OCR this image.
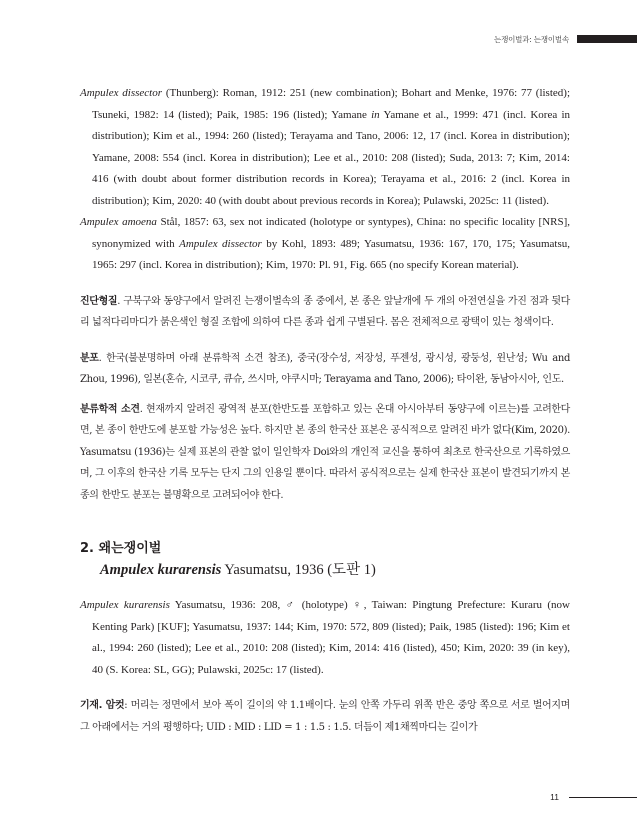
는쟁이벌과: 는쟁이벌속

Ampulex dissector (Thunberg): Roman, 1912: 251 (new combination); Bohart and Menke, 1976: 77 (listed); Tsuneki, 1982: 14 (listed); Paik, 1985: 196 (listed); Yamane in Yamane et al., 1999: 471 (incl. Korea in distribution); Kim et al., 1994: 260 (listed); Terayama and Tano, 2006: 12, 17 (incl. Korea in distribution); Yamane, 2008: 554 (incl. Korea in distribution); Lee et al., 2010: 208 (listed); Suda, 2013: 7; Kim, 2014: 416 (with doubt about former distribution records in Korea); Terayama et al., 2016: 2 (incl. Korea in distribution); Kim, 2020: 40 (with doubt about previous records in Korea); Pulawski, 2025c: 11 (listed).

Ampulex amoena Stål, 1857: 63, sex not indicated (holotype or syntypes), China: no specific locality [NRS], synonymized with Ampulex dissector by Kohl, 1893: 489; Yasumatsu, 1936: 167, 170, 175; Yasumatsu, 1965: 297 (incl. Korea in distribution); Kim, 1970: Pl. 91, Fig. 665 (no specify Korean material).

진단형질. 구북구와 동양구에서 알려진 는쟁이벌속의 종 중에서, 본 종은 앞날개에 두 개의 아전연실을 가진 점과 뒷다리 넓적다리마디가 붉은색인 형질 조합에 의하여 다른 종과 쉽게 구별된다. 몸은 전체적으로 광택이 있는 청색이다.

분포. 한국(불분명하며 아래 분류학적 소견 참조), 중국(장수성, 저장성, 푸젠성, 광시성, 광둥성, 윈난성; Wu and Zhou, 1996), 일본(혼슈, 시코쿠, 큐슈, 쓰시마, 야쿠시마; Terayama and Tano, 2006); 타이완, 동남아시아, 인도.

분류학적 소견. 현재까지 알려진 광역적 분포(한반도를 포함하고 있는 온대 아시아부터 동양구에 이르는)를 고려한다면, 본 종이 한반도에 분포할 가능성은 높다. 하지만 본 종의 한국산 표본은 공식적으로 알려진 바가 없다(Kim, 2020). Yasumatsu (1936)는 실제 표본의 관찰 없이 일인학자 Doi와의 개인적 교신을 통하여 최초로 한국산으로 기록하였으며, 그 이후의 한국산 기록 모두는 단지 그의 인용일 뿐이다. 따라서 공식적으로는 실제 한국산 표본이 발견되기까지 본 종의 한반도 분포는 불명확으로 고려되어야 한다.

2. 왜는쟁이벌
Ampulex kurarensis Yasumatsu, 1936 (도판 1)

Ampulex kurarensis Yasumatsu, 1936: 208, ♂ (holotype) ♀, Taiwan: Pingtung Prefecture: Kuraru (now Kenting Park) [KUF]; Yasumatsu, 1937: 144; Kim, 1970: 572, 809 (listed); Paik, 1985 (listed): 196; Kim et al., 1994: 260 (listed); Lee et al., 2010: 208 (listed); Kim, 2014: 416 (listed), 450; Kim, 2020: 39 (in key), 40 (S. Korea: SL, GG); Pulawski, 2025c: 17 (listed).

기재. 암컷: 머리는 정면에서 보아 폭이 길이의 약 1.1배이다. 눈의 안쪽 가두리 위쪽 반은 중앙 쪽으로 서로 벌어지며 그 아래에서는 거의 평행하다; UID : MID : LID = 1 : 1.5 : 1.5. 더듬이 제1채찍마디는 길이가

11
